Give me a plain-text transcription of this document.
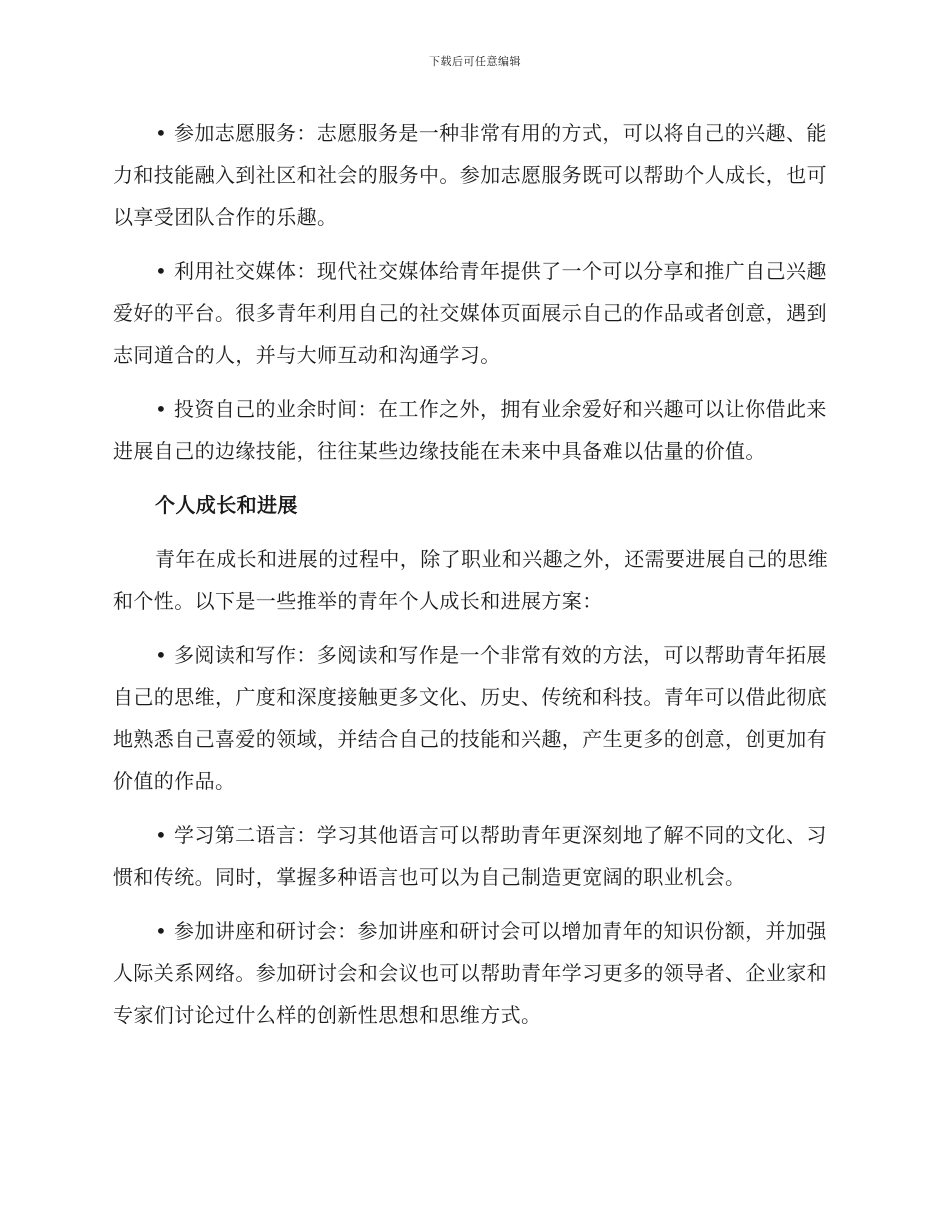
下载后可任意编辑

• 参加志愿服务：志愿服务是一种非常有用的方式，可以将自己的兴趣、能力和技能融入到社区和社会的服务中。参加志愿服务既可以帮助个人成长，也可以享受团队合作的乐趣。

• 利用社交媒体：现代社交媒体给青年提供了一个可以分享和推广自己兴趣爱好的平台。很多青年利用自己的社交媒体页面展示自己的作品或者创意，遇到志同道合的人，并与大师互动和沟通学习。

• 投资自己的业余时间：在工作之外，拥有业余爱好和兴趣可以让你借此来进展自己的边缘技能，往往某些边缘技能在未来中具备难以估量的价值。

个人成长和进展

青年在成长和进展的过程中，除了职业和兴趣之外，还需要进展自己的思维和个性。以下是一些推举的青年个人成长和进展方案：

• 多阅读和写作：多阅读和写作是一个非常有效的方法，可以帮助青年拓展自己的思维，广度和深度接触更多文化、历史、传统和科技。青年可以借此彻底地熟悉自己喜爱的领域，并结合自己的技能和兴趣，产生更多的创意，创更加有价值的作品。

• 学习第二语言：学习其他语言可以帮助青年更深刻地了解不同的文化、习惯和传统。同时，掌握多种语言也可以为自己制造更宽阔的职业机会。

• 参加讲座和研讨会：参加讲座和研讨会可以增加青年的知识份额，并加强人际关系网络。参加研讨会和会议也可以帮助青年学习更多的领导者、企业家和专家们讨论过什么样的创新性思想和思维方式。
